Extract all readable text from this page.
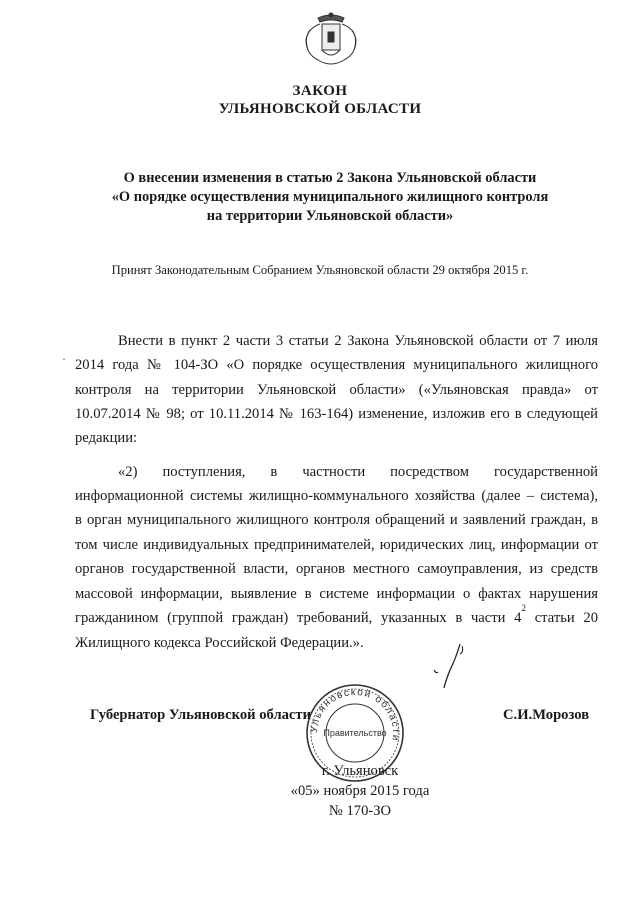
ЗАКОН
УЛЬЯНОВСКОЙ ОБЛАСТИ
О внесении изменения в статью 2 Закона Ульяновской области
«О порядке осуществления муниципального жилищного контроля
на территории Ульяновской области»
Принят Законодательным Собранием Ульяновской области 29 октября 2015 г.
·
Внести в пункт 2 части 3 статьи 2 Закона Ульяновской области от 7 июля
2014 года № 104-ЗО «О порядке осуществления муниципального жилищного
контроля на территории Ульяновской области» («Ульяновская правда» от
10.07.2014 № 98; от 10.11.2014 № 163-164) изменение, изложив его в следующей
редакции:
«2) поступления, в частности посредством государственной
информационной системы жилищно-коммунального хозяйства (далее – система),
в орган муниципального жилищного контроля обращений и заявлений граждан, в
том числе индивидуальных предпринимателей, юридических лиц, информации от
органов государственной власти, органов местного самоуправления, из средств
массовой информации, выявление в системе информации о фактах нарушения
гражданином (группой граждан) требований, указанных в части $4^2$ статьи 20
Жилищного кодекса Российской Федерации.».
Губернатор Ульяновской области	С.И.Морозов
Ульяновской области
Правительство
г. Ульяновск
«05» ноября 2015 года
№ 170-ЗО
